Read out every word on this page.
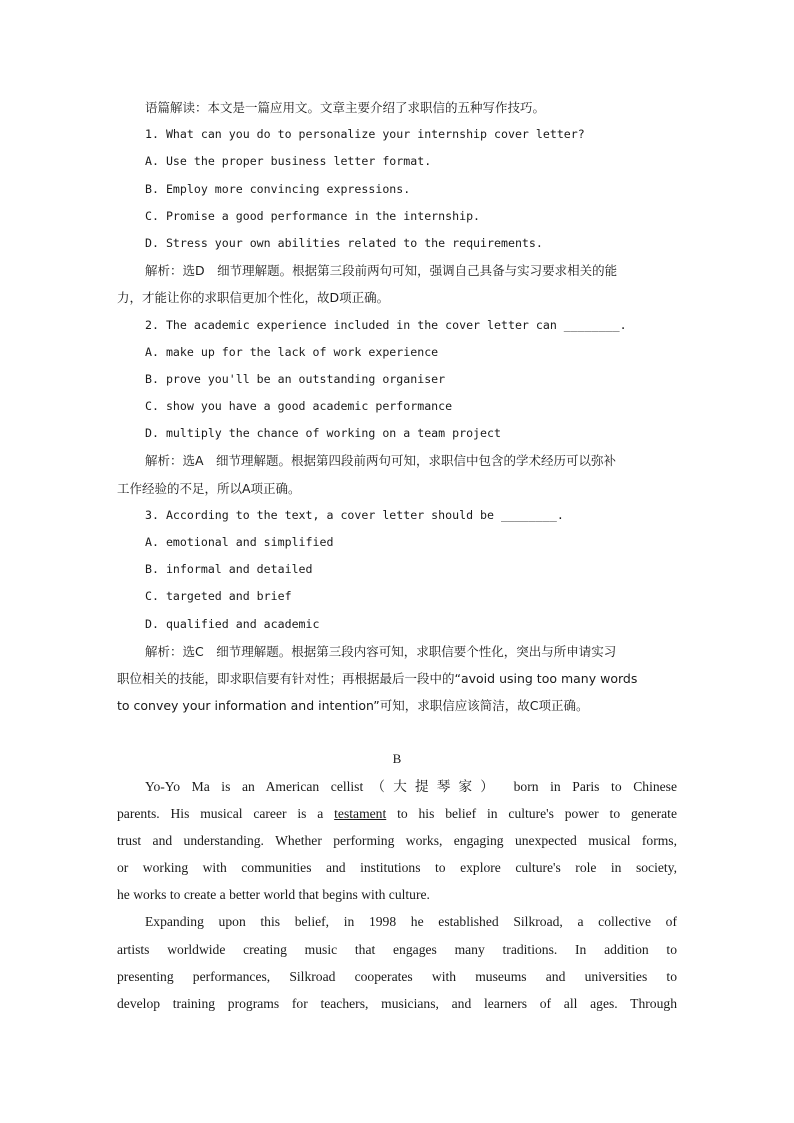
语篇解读：本文是一篇应用文。文章主要介绍了求职信的五种写作技巧。
1. What can you do to personalize your internship cover letter?
A. Use the proper business letter format.
B. Employ more convincing expressions.
C. Promise a good performance in the internship.
D. Stress your own abilities related to the requirements.
解析：选D　细节理解题。根据第三段前两句可知，强调自己具备与实习要求相关的能
力，才能让你的求职信更加个性化，故D项正确。
2. The academic experience included in the cover letter can ________.
A. make up for the lack of work experience
B. prove you'll be an outstanding organiser
C. show you have a good academic performance
D. multiply the chance of working on a team project
解析：选A　细节理解题。根据第四段前两句可知，求职信中包含的学术经历可以弥补
工作经验的不足，所以A项正确。
3. According to the text, a cover letter should be ________.
A. emotional and simplified
B. informal and detailed
C. targeted and brief
D. qualified and academic
解析：选C　细节理解题。根据第三段内容可知，求职信要个性化，突出与所申请实习
职位相关的技能，即求职信要有针对性；再根据最后一段中的“avoid using too many words
to convey your information and intention”可知，求职信应该简洁，故C项正确。
B
Yo-Yo Ma is an American cellist（大提琴家） born in Paris to Chinese
parents. His musical career is a testament to his belief in culture's power to generate
trust and understanding. Whether performing works, engaging unexpected musical forms,
or working with communities and institutions to explore culture's role in society,
he works to create a better world that begins with culture.
Expanding upon this belief, in 1998 he established Silkroad, a collective of
artists worldwide creating music that engages many traditions. In addition to
presenting performances, Silkroad cooperates with museums and universities to
develop training programs for teachers, musicians, and learners of all ages. Through
